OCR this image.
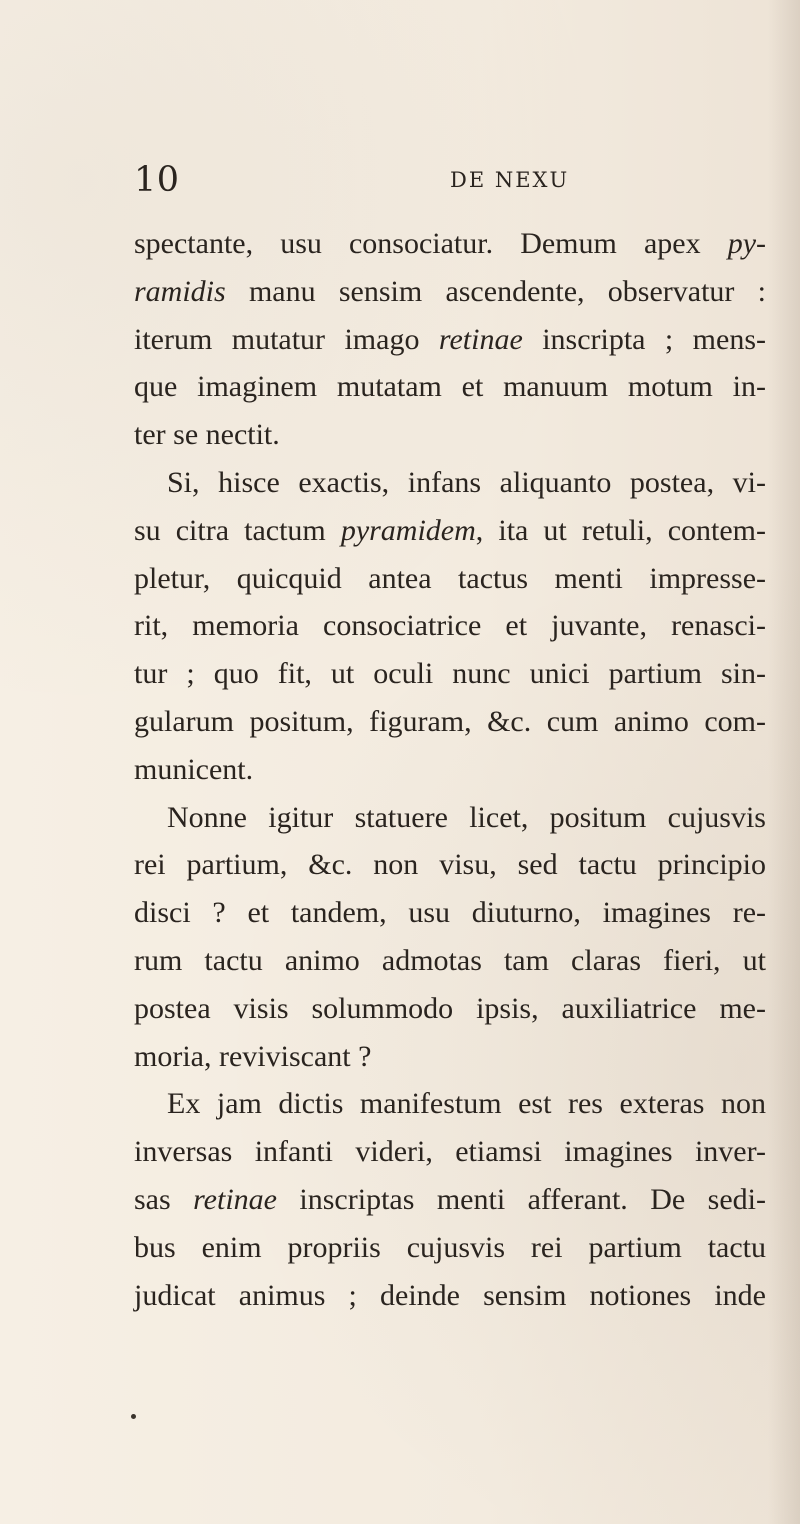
10	DE NEXU
spectante, usu consociatur. Demum apex py-
ramidis manu sensim ascendente, observatur :
iterum mutatur imago retinae inscripta ; mens-
que imaginem mutatam et manuum motum in-
ter se nectit.
Si, hisce exactis, infans aliquanto postea, vi-
su citra tactum pyramidem, ita ut retuli, contem-
pletur, quicquid antea tactus menti impresse-
rit, memoria consociatrice et juvante, renasci-
tur ; quo fit, ut oculi nunc unici partium sin-
gularum positum, figuram, &c. cum animo com-
municent.
Nonne igitur statuere licet, positum cujusvis
rei partium, &c. non visu, sed tactu principio
disci ? et tandem, usu diuturno, imagines re-
rum tactu animo admotas tam claras fieri, ut
postea visis solummodo ipsis, auxiliatrice me-
moria, reviviscant ?
Ex jam dictis manifestum est res exteras non
inversas infanti videri, etiamsi imagines inver-
sas retinae inscriptas menti afferant. De sedi-
bus enim propriis cujusvis rei partium tactu
judicat animus ; deinde sensim notiones inde
